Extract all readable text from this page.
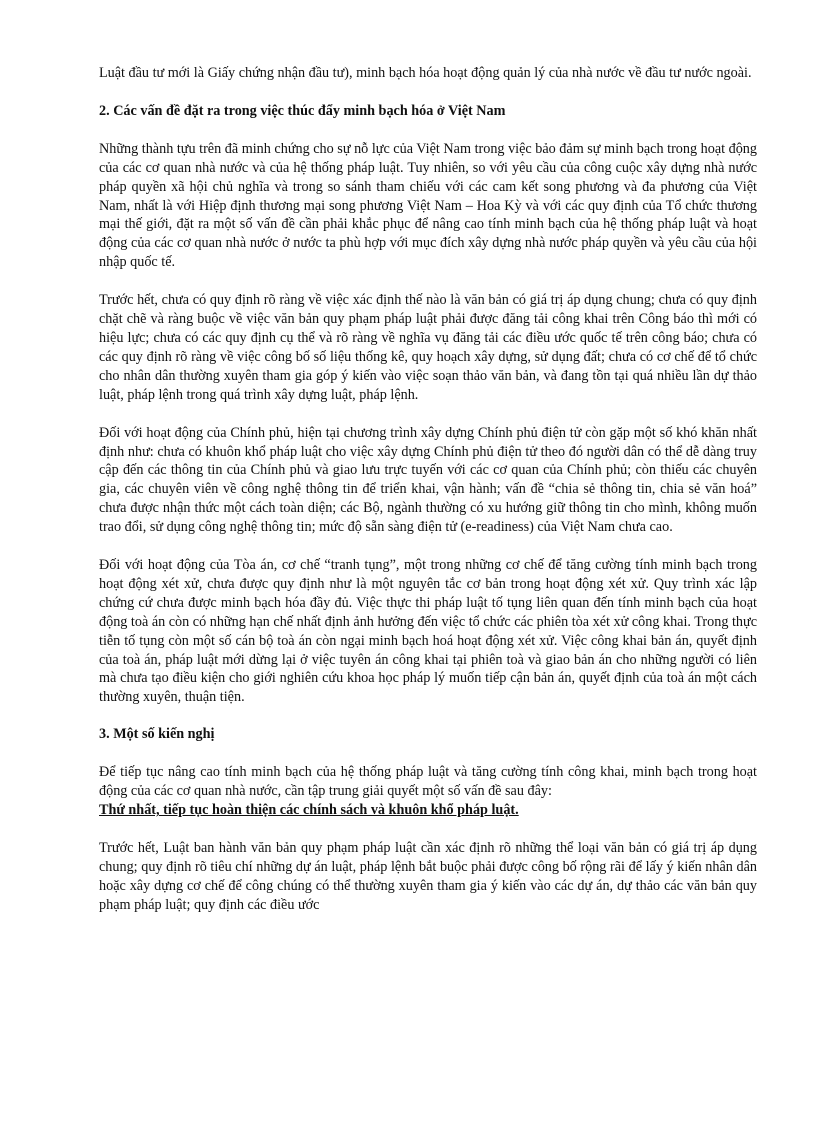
Luật đầu tư mới là Giấy chứng nhận đầu tư), minh bạch hóa hoạt động quản lý của nhà nước về đầu tư nước ngoài.

2. Các vấn đề đặt ra trong việc thúc đẩy minh bạch hóa ở Việt Nam

Những thành tựu trên đã minh chứng cho sự nỗ lực của Việt Nam trong việc bảo đảm sự minh bạch trong hoạt động của các cơ quan nhà nước và của hệ thống pháp luật. Tuy nhiên, so với yêu cầu của công cuộc xây dựng nhà nước pháp quyền xã hội chủ nghĩa và trong so sánh tham chiếu với các cam kết song phương và đa phương của Việt Nam, nhất là với Hiệp định thương mại song phương Việt Nam – Hoa Kỳ và với các quy định của Tổ chức thương mại thế giới, đặt ra một số vấn đề cần phải khắc phục để nâng cao tính minh bạch của hệ thống pháp luật và hoạt động của các cơ quan nhà nước ở nước ta phù hợp với mục đích xây dựng nhà nước pháp quyền và yêu cầu của hội nhập quốc tế.

Trước hết, chưa có quy định rõ ràng về việc xác định thế nào là văn bản có giá trị áp dụng chung; chưa có quy định chặt chẽ và ràng buộc về việc văn bản quy phạm pháp luật phải được đăng tải công khai trên Công báo thì mới có hiệu lực; chưa có các quy định cụ thể và rõ ràng về nghĩa vụ đăng tải các điều ước quốc tế trên công báo; chưa có các quy định rõ ràng về việc công bố số liệu thống kê, quy hoạch xây dựng, sử dụng đất; chưa có cơ chế để tổ chức cho nhân dân thường xuyên tham gia góp ý kiến vào việc soạn thảo văn bản, và đang tồn tại quá nhiều lần dự thảo luật, pháp lệnh trong quá trình xây dựng luật, pháp lệnh.

Đối với hoạt động của Chính phủ, hiện tại chương trình xây dựng Chính phủ điện tử còn gặp một số khó khăn nhất định như: chưa có khuôn khổ pháp luật cho việc xây dựng Chính phủ điện tử theo đó người dân có thể dễ dàng truy cập đến các thông tin của Chính phủ và giao lưu trực tuyến với các cơ quan của Chính phủ; còn thiếu các chuyên gia, các chuyên viên về công nghệ thông tin để triển khai, vận hành; vấn đề “chia sẻ thông tin, chia sẻ văn hoá” chưa được nhận thức một cách toàn diện; các Bộ, ngành thường có xu hướng giữ thông tin cho mình, không muốn trao đổi, sử dụng công nghệ thông tin; mức độ sẵn sàng điện tử (e-readiness) của Việt Nam chưa cao.

Đối với hoạt động của Tòa án, cơ chế “tranh tụng”, một trong những cơ chế để tăng cường tính minh bạch trong hoạt động xét xử, chưa được quy định như là một nguyên tắc cơ bản trong hoạt động xét xử. Quy trình xác lập chứng cứ chưa được minh bạch hóa đầy đủ. Việc thực thi pháp luật tố tụng liên quan đến tính minh bạch của hoạt động toà án còn có những hạn chế nhất định ảnh hưởng đến việc tổ chức các phiên tòa xét xử công khai. Trong thực tiễn tố tụng còn một số cán bộ toà án còn ngại minh bạch hoá hoạt động xét xử. Việc công khai bản án, quyết định của toà án, pháp luật mới dừng lại ở việc tuyên án công khai tại phiên toà và giao bản án cho những người có liên mà chưa tạo điều kiện cho giới nghiên cứu khoa học pháp lý muốn tiếp cận bản án, quyết định của toà án một cách thường xuyên, thuận tiện.

3. Một số kiến nghị

Để tiếp tục nâng cao tính minh bạch của hệ thống pháp luật và tăng cường tính công khai, minh bạch trong hoạt động của các cơ quan nhà nước, cần tập trung giải quyết một số vấn đề sau đây:

Thứ nhất, tiếp tục hoàn thiện các chính sách và khuôn khổ pháp luật.

Trước hết, Luật ban hành văn bản quy phạm pháp luật cần xác định rõ những thể loại văn bản có giá trị áp dụng chung; quy định rõ tiêu chí những dự án luật, pháp lệnh bắt buộc phải được công bố rộng rãi để lấy ý kiến nhân dân hoặc xây dựng cơ chế để công chúng có thể thường xuyên tham gia ý kiến vào các dự án, dự thảo các văn bản quy phạm pháp luật; quy định các điều ước
